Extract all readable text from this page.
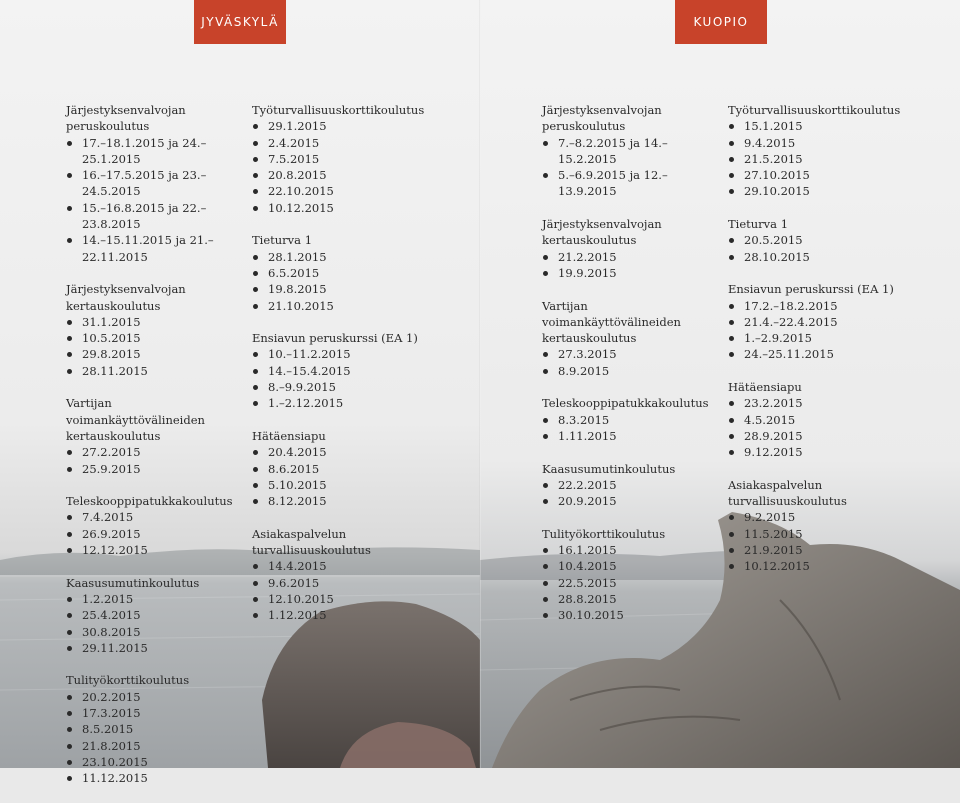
JYVÄSKYLÄ	KUOPIO

Järjestyksenvalvojan peruskoulutus

17.–18.1.2015 ja 24.–25.1.2015
16.–17.5.2015 ja 23.–24.5.2015
15.–16.8.2015 ja 22.–23.8.2015
14.–15.11.2015 ja 21.–22.11.2015

Järjestyksenvalvojan kertauskoulutus

31.1.2015
10.5.2015
29.8.2015
28.11.2015

Vartijan voimankäyttövälineiden kertauskoulutus

27.2.2015
25.9.2015

Teleskooppipatukkakoulutus

7.4.2015
26.9.2015
12.12.2015

Kaasusumutinkoulutus

1.2.2015
25.4.2015
30.8.2015
29.11.2015

Tulityökorttikoulutus

20.2.2015
17.3.2015
8.5.2015
21.8.2015
23.10.2015
11.12.2015

Työturvallisuuskorttikoulutus

29.1.2015
2.4.2015
7.5.2015
20.8.2015
22.10.2015
10.12.2015

Tieturva 1

28.1.2015
6.5.2015
19.8.2015
21.10.2015

Ensiavun peruskurssi (EA 1)

10.–11.2.2015
14.–15.4.2015
8.–9.9.2015
1.–2.12.2015

Hätäensiapu

20.4.2015
8.6.2015
5.10.2015
8.12.2015

Asiakaspalvelun turvallisuuskoulutus

14.4.2015
9.6.2015
12.10.2015
1.12.2015

Järjestyksenvalvojan peruskoulutus

7.–8.2.2015 ja 14.–15.2.2015
5.–6.9.2015 ja 12.–13.9.2015

Järjestyksenvalvojan kertauskoulutus

21.2.2015
19.9.2015

Vartijan voimankäyttövälineiden kertauskoulutus

27.3.2015
8.9.2015

Teleskooppipatukkakoulutus

8.3.2015
1.11.2015

Kaasusumutinkoulutus

22.2.2015
20.9.2015

Tulityökorttikoulutus

16.1.2015
10.4.2015
22.5.2015
28.8.2015
30.10.2015

Työturvallisuuskorttikoulutus

15.1.2015
9.4.2015
21.5.2015
27.10.2015
29.10.2015

Tieturva 1

20.5.2015
28.10.2015

Ensiavun peruskurssi (EA 1)

17.2.–18.2.2015
21.4.–22.4.2015
1.–2.9.2015
24.–25.11.2015

Hätäensiapu

23.2.2015
4.5.2015
28.9.2015
9.12.2015

Asiakaspalvelun turvallisuuskoulutus

9.2.2015
11.5.2015
21.9.2015
10.12.2015
